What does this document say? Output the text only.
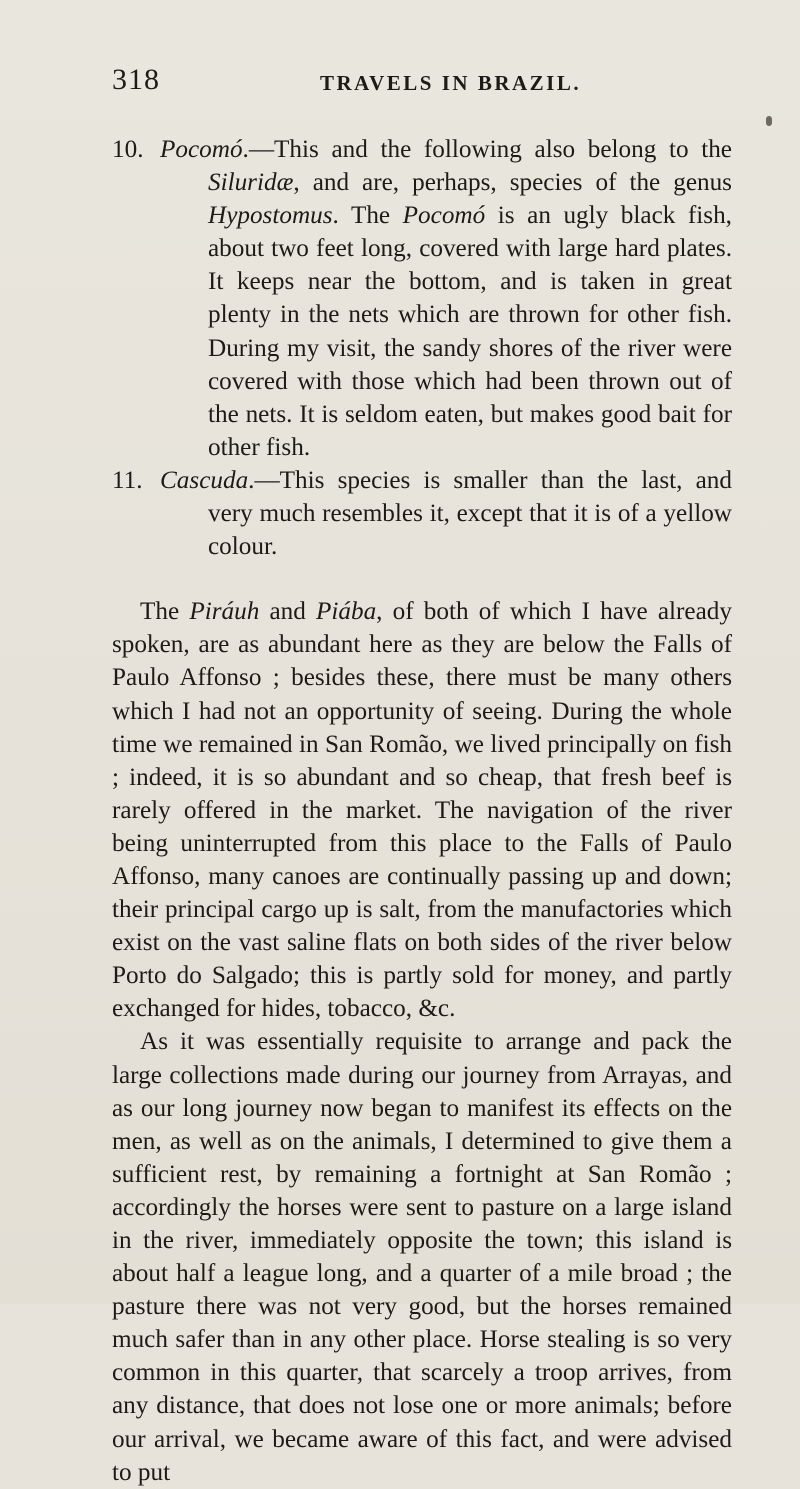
318	TRAVELS IN BRAZIL.

10. Pocomó.—This and the following also belong to the Siluridæ, and are, perhaps, species of the genus Hypostomus. The Pocomó is an ugly black fish, about two feet long, covered with large hard plates. It keeps near the bottom, and is taken in great plenty in the nets which are thrown for other fish. During my visit, the sandy shores of the river were covered with those which had been thrown out of the nets. It is seldom eaten, but makes good bait for other fish.

11. Cascuda.—This species is smaller than the last, and very much resembles it, except that it is of a yellow colour.

The Piráuh and Piába, of both of which I have already spoken, are as abundant here as they are below the Falls of Paulo Affonso ; besides these, there must be many others which I had not an opportunity of seeing. During the whole time we remained in San Romão, we lived principally on fish ; indeed, it is so abundant and so cheap, that fresh beef is rarely offered in the market. The navigation of the river being uninterrupted from this place to the Falls of Paulo Affonso, many canoes are continually passing up and down; their principal cargo up is salt, from the manufactories which exist on the vast saline flats on both sides of the river below Porto do Salgado; this is partly sold for money, and partly exchanged for hides, tobacco, &c.

As it was essentially requisite to arrange and pack the large collections made during our journey from Arrayas, and as our long journey now began to manifest its effects on the men, as well as on the animals, I determined to give them a sufficient rest, by remaining a fortnight at San Romão ; accordingly the horses were sent to pasture on a large island in the river, immediately opposite the town; this island is about half a league long, and a quarter of a mile broad ; the pasture there was not very good, but the horses remained much safer than in any other place. Horse stealing is so very common in this quarter, that scarcely a troop arrives, from any distance, that does not lose one or more animals; before our arrival, we became aware of this fact, and were advised to put
